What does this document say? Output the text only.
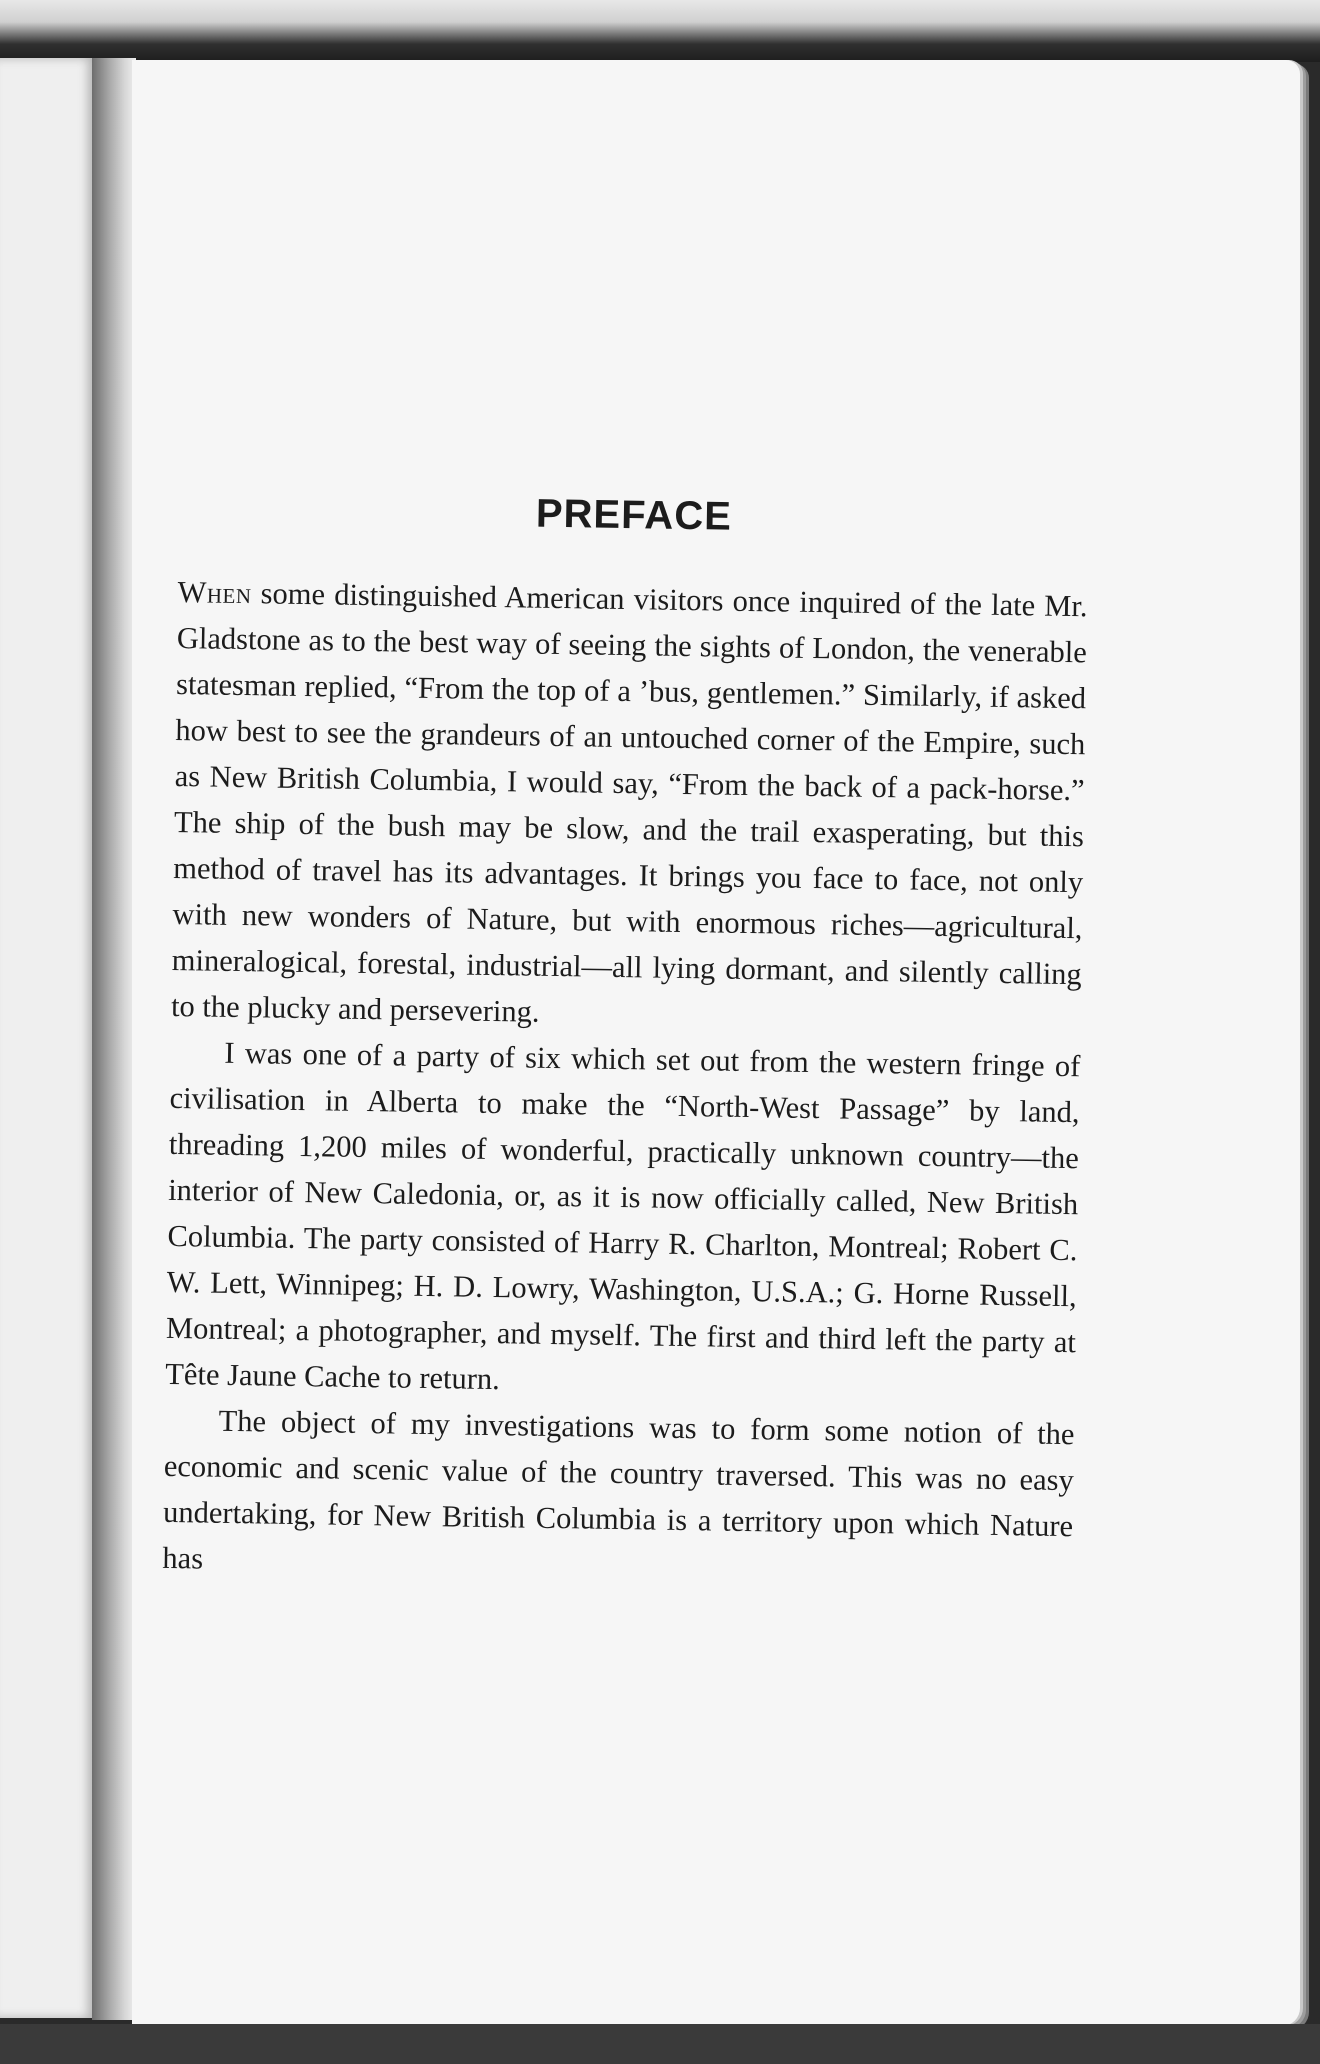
PREFACE

When some distinguished American visitors once inquired of the late Mr. Gladstone as to the best way of seeing the sights of London, the venerable statesman replied, “From the top of a ’bus, gentlemen.” Similarly, if asked how best to see the grandeurs of an untouched corner of the Empire, such as New British Columbia, I would say, “From the back of a pack-horse.” The ship of the bush may be slow, and the trail exasperating, but this method of travel has its advantages. It brings you face to face, not only with new wonders of Nature, but with enormous riches—agricultural, mineralogical, forestal, industrial—all lying dormant, and silently calling to the plucky and persevering.

I was one of a party of six which set out from the western fringe of civilisation in Alberta to make the “North-West Passage” by land, threading 1,200 miles of wonderful, practically unknown country—the interior of New Caledonia, or, as it is now officially called, New British Columbia. The party consisted of Harry R. Charlton, Montreal; Robert C. W. Lett, Winnipeg; H. D. Lowry, Washington, U.S.A.; G. Horne Russell, Montreal; a photographer, and myself. The first and third left the party at Tête Jaune Cache to return.

The object of my investigations was to form some notion of the economic and scenic value of the country traversed. This was no easy undertaking, for New British Columbia is a territory upon which Nature has
